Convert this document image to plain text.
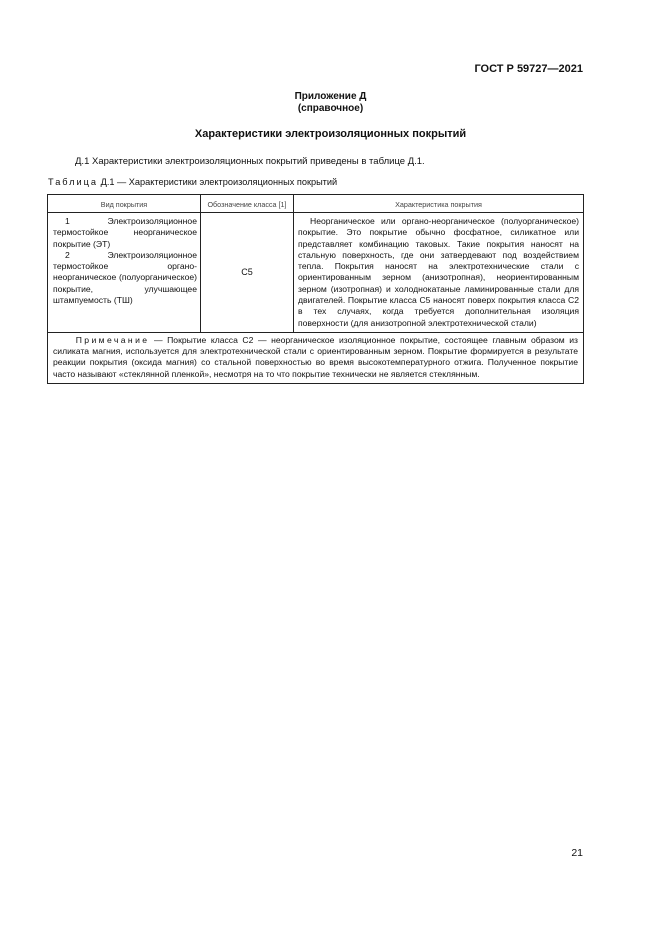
ГОСТ Р 59727—2021
Приложение Д
(справочное)
Характеристики электроизоляционных покрытий
Д.1 Характеристики электроизоляционных покрытий приведены в таблице Д.1.
Таблица Д.1 — Характеристики электроизоляционных покрытий
Вид покрытия	Обозначение класса [1]	Характеристика покрытия

1 Электроизоляционное термостойкое неорганическое покрытие (ЭТ)
2 Электроизоляционное термостойкое органо-неорганическое (полуорганическое) покрытие, улучшающее штампуемость (ТШ)	С5	Неорганическое или органо-неорганическое (полуорганическое) покрытие. Это покрытие обычно фосфатное, силикатное или представляет комбинацию таковых. Такие покрытия наносят на стальную поверхность, где они затвердевают под воздействием тепла. Покрытия наносят на электротехнические стали с ориентированным зерном (анизотропная), неориентированным зерном (изотропная) и холоднокатаные ламинированные стали для двигателей. Покрытие класса С5 наносят поверх покрытия класса С2 в тех случаях, когда требуется дополнительная изоляция поверхности (для анизотропной электротехнической стали)

Примечание — Покрытие класса С2 — неорганическое изоляционное покрытие, состоящее главным образом из силиката магния, используется для электротехнической стали с ориентированным зерном. Покрытие формируется в результате реакции покрытия (оксида магния) со стальной поверхностью во время высокотемпературного отжига. Полученное покрытие часто называют «стеклянной пленкой», несмотря на то что покрытие технически не является стеклянным.		
21
